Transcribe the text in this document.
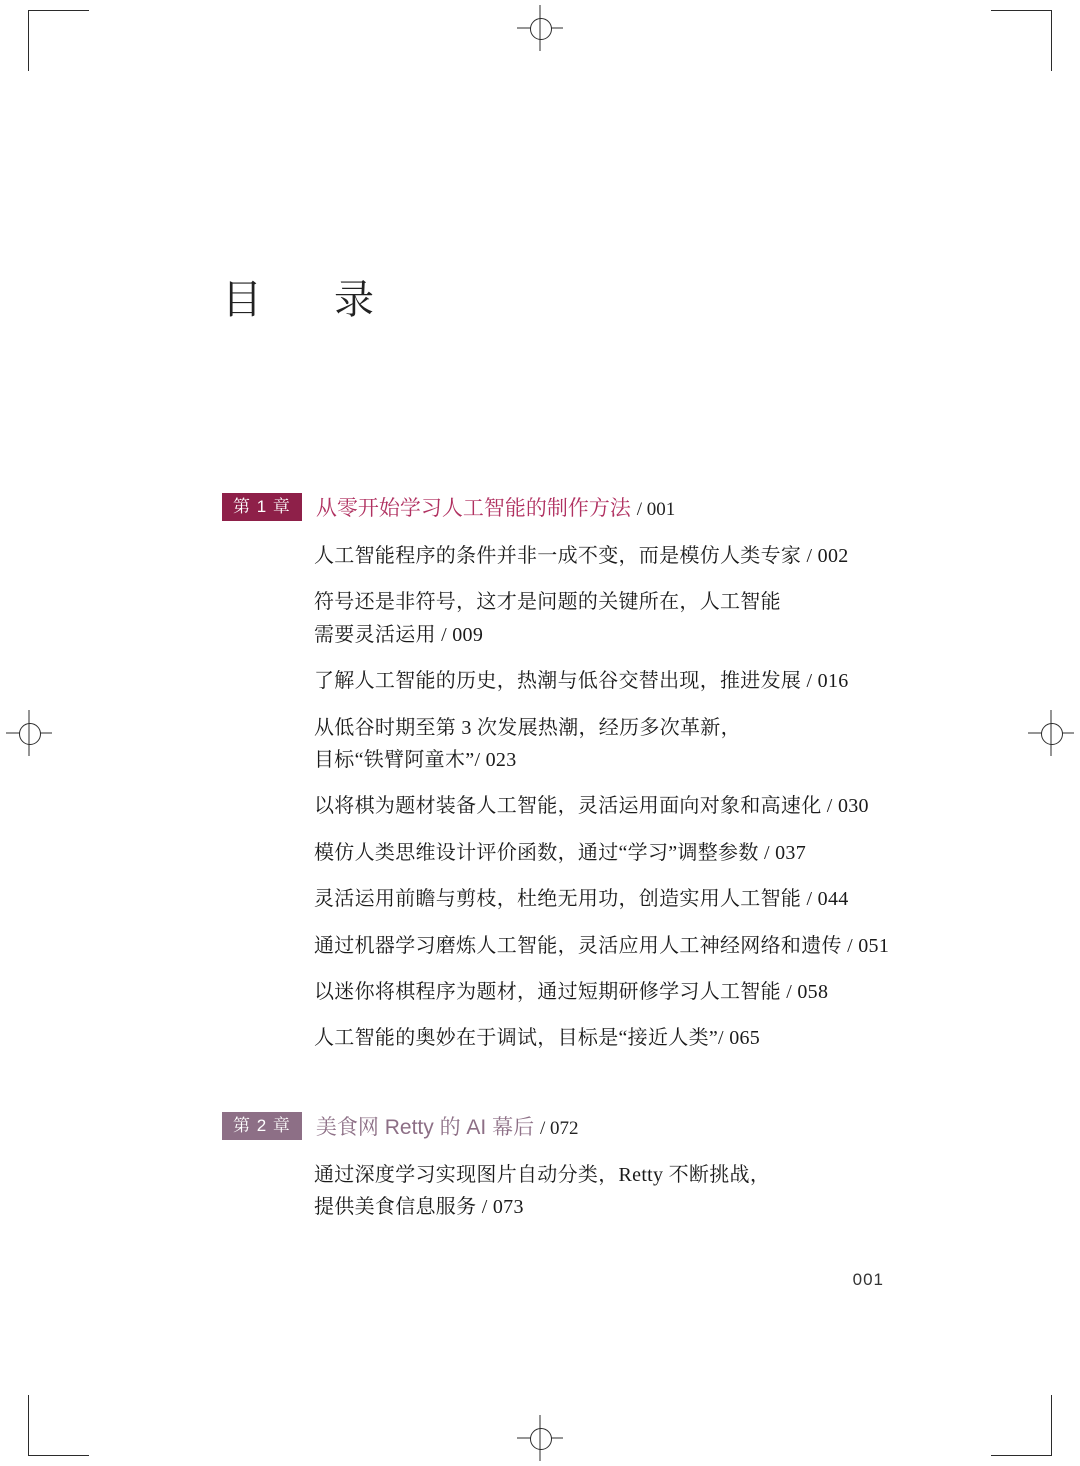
目　录
第 1 章	从零开始学习人工智能的制作方法 / 001
人工智能程序的条件并非一成不变，而是模仿人类专家 / 002
符号还是非符号，这才是问题的关键所在，人工智能
需要灵活运用 / 009
了解人工智能的历史，热潮与低谷交替出现，推进发展 / 016
从低谷时期至第 3 次发展热潮，经历多次革新，
目标“铁臂阿童木”/ 023
以将棋为题材装备人工智能，灵活运用面向对象和高速化 / 030
模仿人类思维设计评价函数，通过“学习”调整参数 / 037
灵活运用前瞻与剪枝，杜绝无用功，创造实用人工智能 / 044
通过机器学习磨炼人工智能，灵活应用人工神经网络和遗传 / 051
以迷你将棋程序为题材，通过短期研修学习人工智能 / 058
人工智能的奥妙在于调试，目标是“接近人类”/ 065
第 2 章	美食网 Retty 的 AI 幕后 / 072
通过深度学习实现图片自动分类，Retty 不断挑战，
提供美食信息服务 / 073
001
